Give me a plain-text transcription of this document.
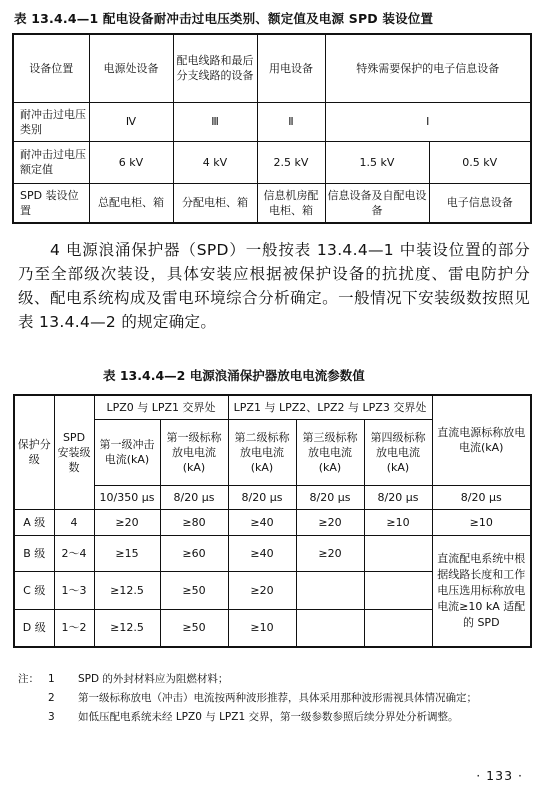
表 13.4.4—1 配电设备耐冲击过电压类别、额定值及电源 SPD 装设位置
设备位置	电源处设备	配电线路和最后分支线路的设备	用电设备	特殊需要保护的电子信息设备	
耐冲击过电压类别	Ⅳ	Ⅲ	Ⅱ	Ⅰ	
耐冲击过电压额定值	6 kV	4 kV	2.5 kV	1.5 kV	0.5 kV
SPD 装设位置	总配电柜、箱	分配电柜、箱	信息机房配电柜、箱	信息设备及自配电设备	电子信息设备
4 电源浪涌保护器（SPD）一般按表 13.4.4—1 中装设位置的部分乃至全部级次装设，具体安装应根据被保护设备的抗扰度、雷电防护分级、配电系统构成及雷电环境综合分析确定。一般情况下安装级数按照见表 13.4.4—2 的规定确定。
表 13.4.4—2 电源浪涌保护器放电电流参数值
保护分级	SPD 安装级数	LPZ0 与 LPZ1 交界处		LPZ1 与 LPZ2、LPZ2 与 LPZ3 交界处			直流电源标称放电电流(kA)
		第一级冲击电流(kA)	第一级标称放电电流(kA)	第二级标称放电电流(kA)	第三级标称放电电流(kA)	第四级标称放电电流(kA)	
		10/350 μs	8/20 μs	8/20 μs	8/20 μs	8/20 μs	8/20 μs
A 级	4	≥20	≥80	≥40	≥20	≥10	≥10
B 级	2～4	≥15	≥60	≥40	≥20		直流配电系统中根据线路长度和工作电压选用标称放电电流≥10 kA 适配的 SPD
C 级	1～3	≥12.5	≥50	≥20			
D 级	1～2	≥12.5	≥50	≥10			
注： 1	SPD 的外封材料应为阻燃材料；
2	第一级标称放电（冲击）电流按两种波形推荐，具体采用那种波形需视具体情况确定；
3	如低压配电系统未经 LPZ0 与 LPZ1 交界，第一级参数参照后续分界处分析调整。
· 133 ·
